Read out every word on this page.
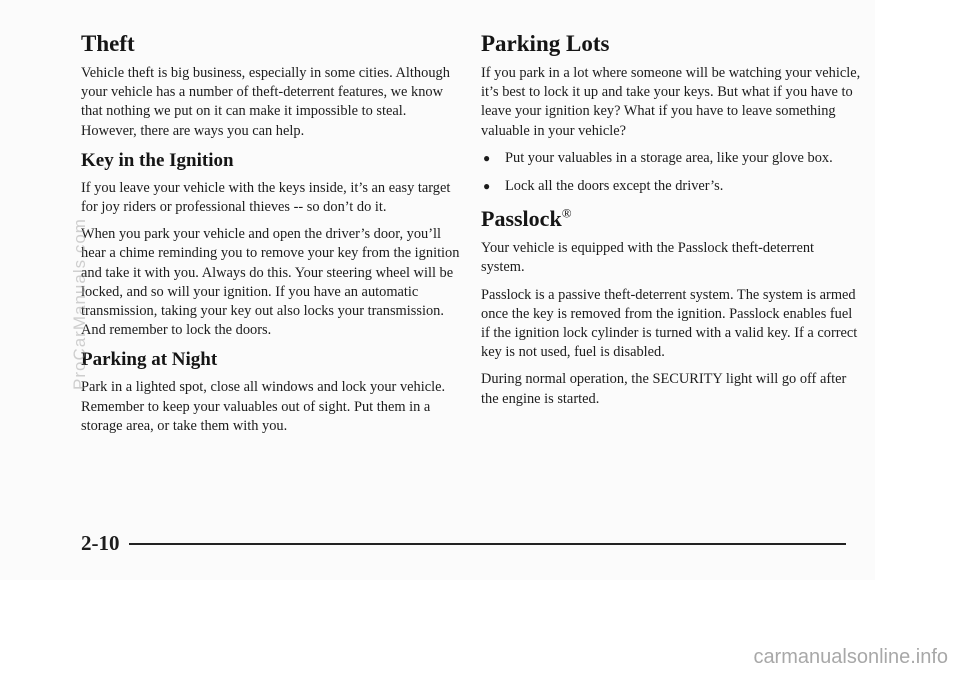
Theft

Vehicle theft is big business, especially in some cities. Although your vehicle has a number of theft-deterrent features, we know that nothing we put on it can make it impossible to steal. However, there are ways you can help.

Key in the Ignition

If you leave your vehicle with the keys inside, it’s an easy target for joy riders or professional thieves -- so don’t do it.

When you park your vehicle and open the driver’s door, you’ll hear a chime reminding you to remove your key from the ignition and take it with you. Always do this. Your steering wheel will be locked, and so will your ignition. If you have an automatic transmission, taking your key out also locks your transmission. And remember to lock the doors.

Parking at Night

Park in a lighted spot, close all windows and lock your vehicle. Remember to keep your valuables out of sight. Put them in a storage area, or take them with you.

Parking Lots

If you park in a lot where someone will be watching your vehicle, it’s best to lock it up and take your keys. But what if you have to leave your ignition key? What if you have to leave something valuable in your vehicle?

● Put your valuables in a storage area, like your glove box.
● Lock all the doors except the driver’s.
Passlock®

Your vehicle is equipped with the Passlock theft-deterrent system.

Passlock is a passive theft-deterrent system. The system is armed once the key is removed from the ignition. Passlock enables fuel if the ignition lock cylinder is turned with a valid key. If a correct key is not used, fuel is disabled.

During normal operation, the SECURITY light will go off after the engine is started.

2-10
ProCarManuals.com
carmanualsonline.info
